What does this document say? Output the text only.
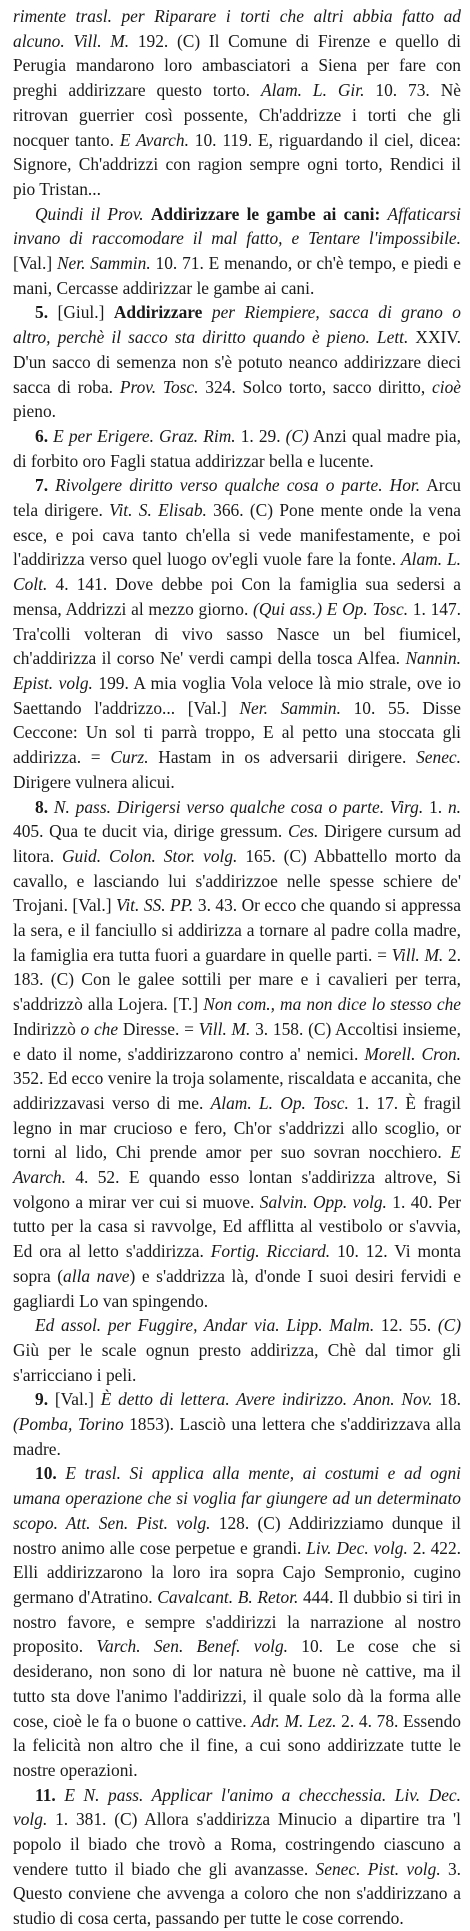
rimente trasl. per Riparare i torti che altri abbia fatto ad alcuno. Vill. M. 192. (C) Il Comune di Firenze e quello di Perugia mandarono loro ambasciatori a Siena per fare con preghi addirizzare questo torto. Alam. L. Gir. 10. 73. Nè ritrovan guerrier così possente, Ch'addrizze i torti che gli nocquer tanto. E Avarch. 10. 119. E, riguardando il ciel, dicea: Signore, Ch'addrizzi con ragion sempre ogni torto, Rendici il pio Tristan...

Quindi il Prov. Addirizzare le gambe ai cani: Affaticarsi invano di raccomodare il mal fatto, e Tentare l'impossibile. [Val.] Ner. Sammin. 10. 71. E menando, or ch'è tempo, e piedi e mani, Cercasse addirizzar le gambe ai cani.

5. [Giul.] Addirizzare per Riempiere, sacca di grano o altro, perchè il sacco sta diritto quando è pieno. Lett. XXIV. D'un sacco di semenza non s'è potuto neanco addirizzare dieci sacca di roba. Prov. Tosc. 324. Solco torto, sacco diritto, cioè pieno.

6. E per Erigere. Graz. Rim. 1. 29. (C) Anzi qual madre pia, di forbito oro Fagli statua addirizzar bella e lucente.

7. Rivolgere diritto verso qualche cosa o parte. Hor. Arcu tela dirigere. Vit. S. Elisab. 366. (C) Pone mente onde la vena esce, e poi cava tanto ch'ella si vede manifestamente, e poi l'addirizza verso quel luogo ov'egli vuole fare la fonte. Alam. L. Colt. 4. 141. Dove debbe poi Con la famiglia sua sedersi a mensa, Addrizzi al mezzo giorno. (Qui ass.) E Op. Tosc. 1. 147. Tra'colli volteran di vivo sasso Nasce un bel fiumicel, ch'addirizza il corso Ne' verdi campi della tosca Alfea. Nannin. Epist. volg. 199. A mia voglia Vola veloce là mio strale, ove io Saettando l'addrizzo... [Val.] Ner. Sammin. 10. 55. Disse Ceccone: Un sol ti parrà troppo, E al petto una stoccata gli addirizza. = Curz. Hastam in os adversarii dirigere. Senec. Dirigere vulnera alicui.

8. N. pass. Dirigersi verso qualche cosa o parte. Virg. 1. n. 405. Qua te ducit via, dirige gressum. Ces. Dirigere cursum ad litora. Guid. Colon. Stor. volg. 165. (C) Abbattello morto da cavallo, e lasciando lui s'addirizzoe nelle spesse schiere de' Trojani. [Val.] Vit. SS. PP. 3. 43. Or ecco che quando si appressa la sera, e il fanciullo si addirizza a tornare al padre colla madre, la famiglia era tutta fuori a guardare in quelle parti. = Vill. M. 2. 183. (C) Con le galee sottili per mare e i cavalieri per terra, s'addrizzò alla Lojera. [T.] Non com., ma non dice lo stesso che Indirizzò o che Diresse. = Vill. M. 3. 158. (C) Accoltisi insieme, e dato il nome, s'addirizzarono contro a' nemici. Morell. Cron. 352. Ed ecco venire la troja solamente, riscaldata e accanita, che addirizzavasi verso di me. Alam. L. Op. Tosc. 1. 17. È fragil legno in mar crucioso e fero, Ch'or s'addrizzi allo scoglio, or torni al lido, Chi prende amor per suo sovran nocchiero. E Avarch. 4. 52. E quando esso lontan s'addirizza altrove, Si volgono a mirar ver cui si muove. Salvin. Opp. volg. 1. 40. Per tutto per la casa si ravvolge, Ed afflitta al vestibolo or s'avvia, Ed ora al letto s'addirizza. Fortig. Ricciard. 10. 12. Vi monta sopra (alla nave) e s'addrizza là, d'onde I suoi desiri fervidi e gagliardi Lo van spingendo.

Ed assol. per Fuggire, Andar via. Lipp. Malm. 12. 55. (C) Giù per le scale ognun presto addirizza, Chè dal timor gli s'arricciano i peli.

9. [Val.] È detto di lettera. Avere indirizzo. Anon. Nov. 18. (Pomba, Torino 1853). Lasciò una lettera che s'addirizzava alla madre.

10. E trasl. Si applica alla mente, ai costumi e ad ogni umana operazione che si voglia far giungere ad un determinato scopo. Att. Sen. Pist. volg. 128. (C) Addirizziamo dunque il nostro animo alle cose perpetue e grandi. Liv. Dec. volg. 2. 422. Elli addirizzarono la loro ira sopra Cajo Sempronio, cugino germano d'Atratino. Cavalcant. B. Retor. 444. Il dubbio si tiri in nostro favore, e sempre s'addirizzi la narrazione al nostro proposito. Varch. Sen. Benef. volg. 10. Le cose che si desiderano, non sono di lor natura nè buone nè cattive, ma il tutto sta dove l'animo l'addirizzi, il quale solo dà la forma alle cose, cioè le fa o buone o cattive. Adr. M. Lez. 2. 4. 78. Essendo la felicità non altro che il fine, a cui sono addirizzate tutte le nostre operazioni.

11. E N. pass. Applicar l'animo a checchessia. Liv. Dec. volg. 1. 381. (C) Allora s'addirizza Minucio a dipartire tra 'l popolo il biado che trovò a Roma, costringendo ciascuno a vendere tutto il biado che gli avanzasse. Senec. Pist. volg. 3. Questo conviene che avvenga a coloro che non s'addirizzano a studio di cosa certa, passando per tutte le cose correndo.
